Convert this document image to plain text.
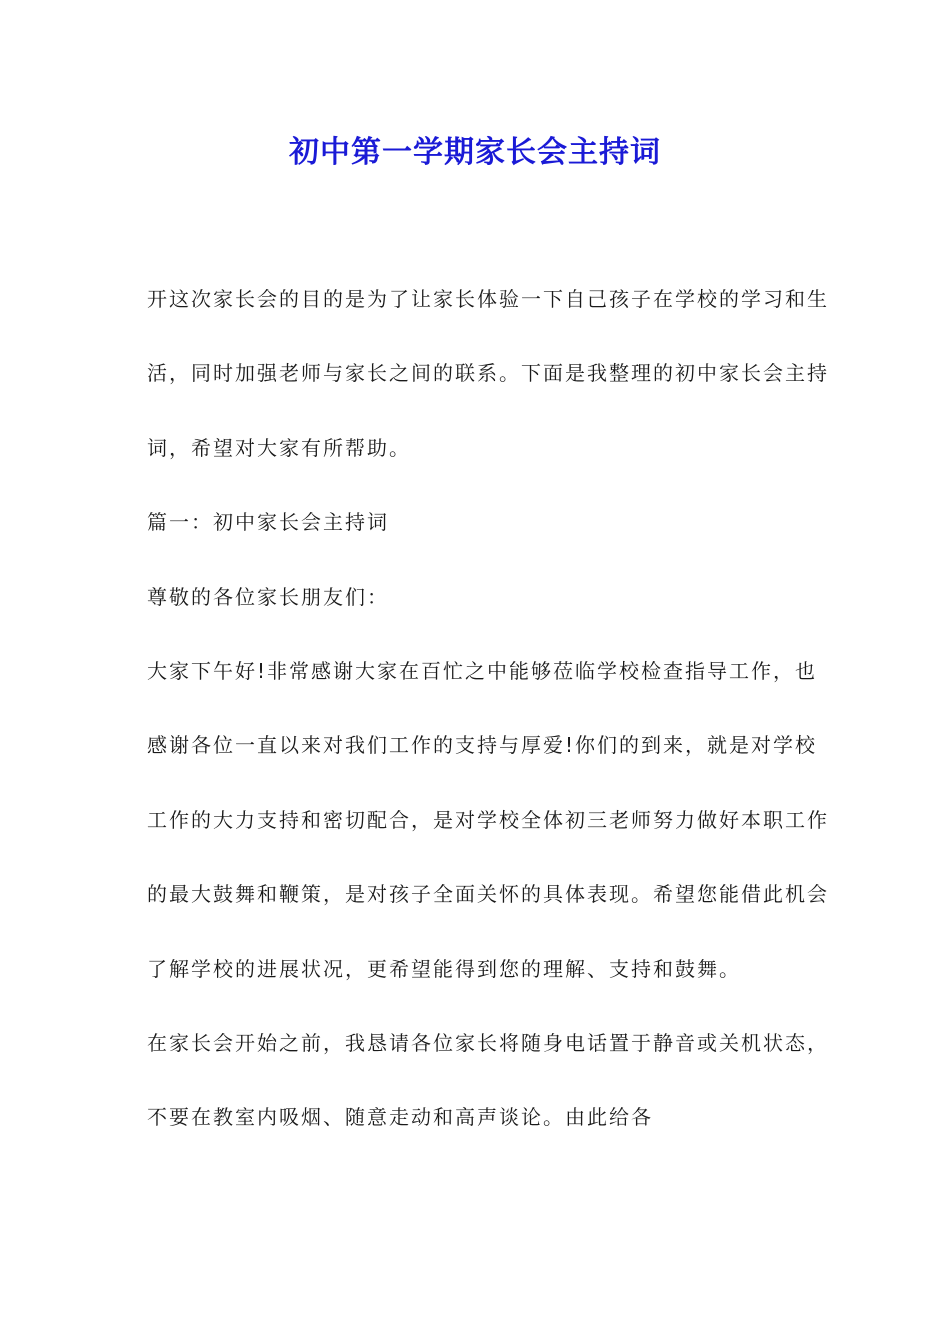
初中第一学期家长会主持词

开这次家长会的目的是为了让家长体验一下自己孩子在学校的学习和生活，同时加强老师与家长之间的联系。下面是我整理的初中家长会主持词，希望对大家有所帮助。

篇一：初中家长会主持词

尊敬的各位家长朋友们：

大家下午好!非常感谢大家在百忙之中能够莅临学校检查指导工作，也感谢各位一直以来对我们工作的支持与厚爱!你们的到来，就是对学校工作的大力支持和密切配合，是对学校全体初三老师努力做好本职工作的最大鼓舞和鞭策，是对孩子全面关怀的具体表现。希望您能借此机会了解学校的进展状况，更希望能得到您的理解、支持和鼓舞。

在家长会开始之前，我恳请各位家长将随身电话置于静音或关机状态，不要在教室内吸烟、随意走动和高声谈论。由此给各
